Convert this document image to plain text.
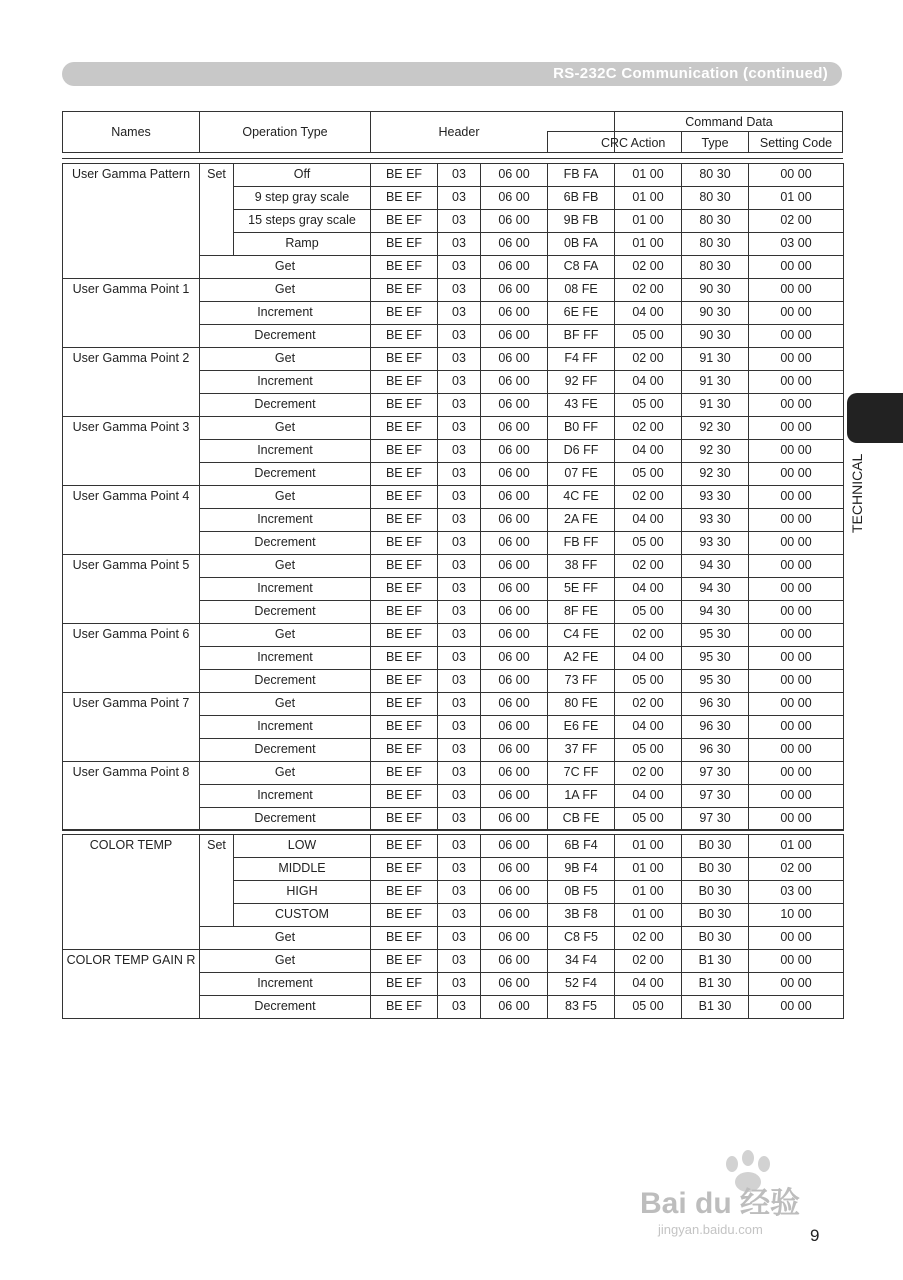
RS-232C Communication (continued)
TECHNICAL
Names	Operation Type	Header
Command Data
CRC Action	Type	Setting Code
User Gamma Pattern	Set	Off	BE EF	03	06 00	FB FA	01 00	80 30	00 00
		9 step gray scale	BE EF	03	06 00	6B FB	01 00	80 30	01 00
		15 steps gray scale	BE EF	03	06 00	9B FB	01 00	80 30	02 00
		Ramp	BE EF	03	06 00	0B FA	01 00	80 30	03 00
	Get		BE EF	03	06 00	C8 FA	02 00	80 30	00 00
User Gamma Point 1	Get		BE EF	03	06 00	08 FE	02 00	90 30	00 00
	Increment		BE EF	03	06 00	6E FE	04 00	90 30	00 00
	Decrement		BE EF	03	06 00	BF FF	05 00	90 30	00 00
User Gamma Point 2	Get		BE EF	03	06 00	F4 FF	02 00	91 30	00 00
	Increment		BE EF	03	06 00	92 FF	04 00	91 30	00 00
	Decrement		BE EF	03	06 00	43 FE	05 00	91 30	00 00
User Gamma Point 3	Get		BE EF	03	06 00	B0 FF	02 00	92 30	00 00
	Increment		BE EF	03	06 00	D6 FF	04 00	92 30	00 00
	Decrement		BE EF	03	06 00	07 FE	05 00	92 30	00 00
User Gamma Point 4	Get		BE EF	03	06 00	4C FE	02 00	93 30	00 00
	Increment		BE EF	03	06 00	2A FE	04 00	93 30	00 00
	Decrement		BE EF	03	06 00	FB FF	05 00	93 30	00 00
User Gamma Point 5	Get		BE EF	03	06 00	38 FF	02 00	94 30	00 00
	Increment		BE EF	03	06 00	5E FF	04 00	94 30	00 00
	Decrement		BE EF	03	06 00	8F FE	05 00	94 30	00 00
User Gamma Point 6	Get		BE EF	03	06 00	C4 FE	02 00	95 30	00 00
	Increment		BE EF	03	06 00	A2 FE	04 00	95 30	00 00
	Decrement		BE EF	03	06 00	73 FF	05 00	95 30	00 00
User Gamma Point 7	Get		BE EF	03	06 00	80 FE	02 00	96 30	00 00
	Increment		BE EF	03	06 00	E6 FE	04 00	96 30	00 00
	Decrement		BE EF	03	06 00	37 FF	05 00	96 30	00 00
User Gamma Point 8	Get		BE EF	03	06 00	7C FF	02 00	97 30	00 00
	Increment		BE EF	03	06 00	1A FF	04 00	97 30	00 00
	Decrement		BE EF	03	06 00	CB FE	05 00	97 30	00 00
COLOR TEMP	Set	LOW	BE EF	03	06 00	6B F4	01 00	B0 30	01 00
		MIDDLE	BE EF	03	06 00	9B F4	01 00	B0 30	02 00
		HIGH	BE EF	03	06 00	0B F5	01 00	B0 30	03 00
		CUSTOM	BE EF	03	06 00	3B F8	01 00	B0 30	10 00
	Get		BE EF	03	06 00	C8 F5	02 00	B0 30	00 00
COLOR TEMP GAIN R	Get		BE EF	03	06 00	34 F4	02 00	B1 30	00 00
	Increment		BE EF	03	06 00	52 F4	04 00	B1 30	00 00
	Decrement		BE EF	03	06 00	83 F5	05 00	B1 30	00 00
Bai du 经验
jingyan.baidu.com	9
